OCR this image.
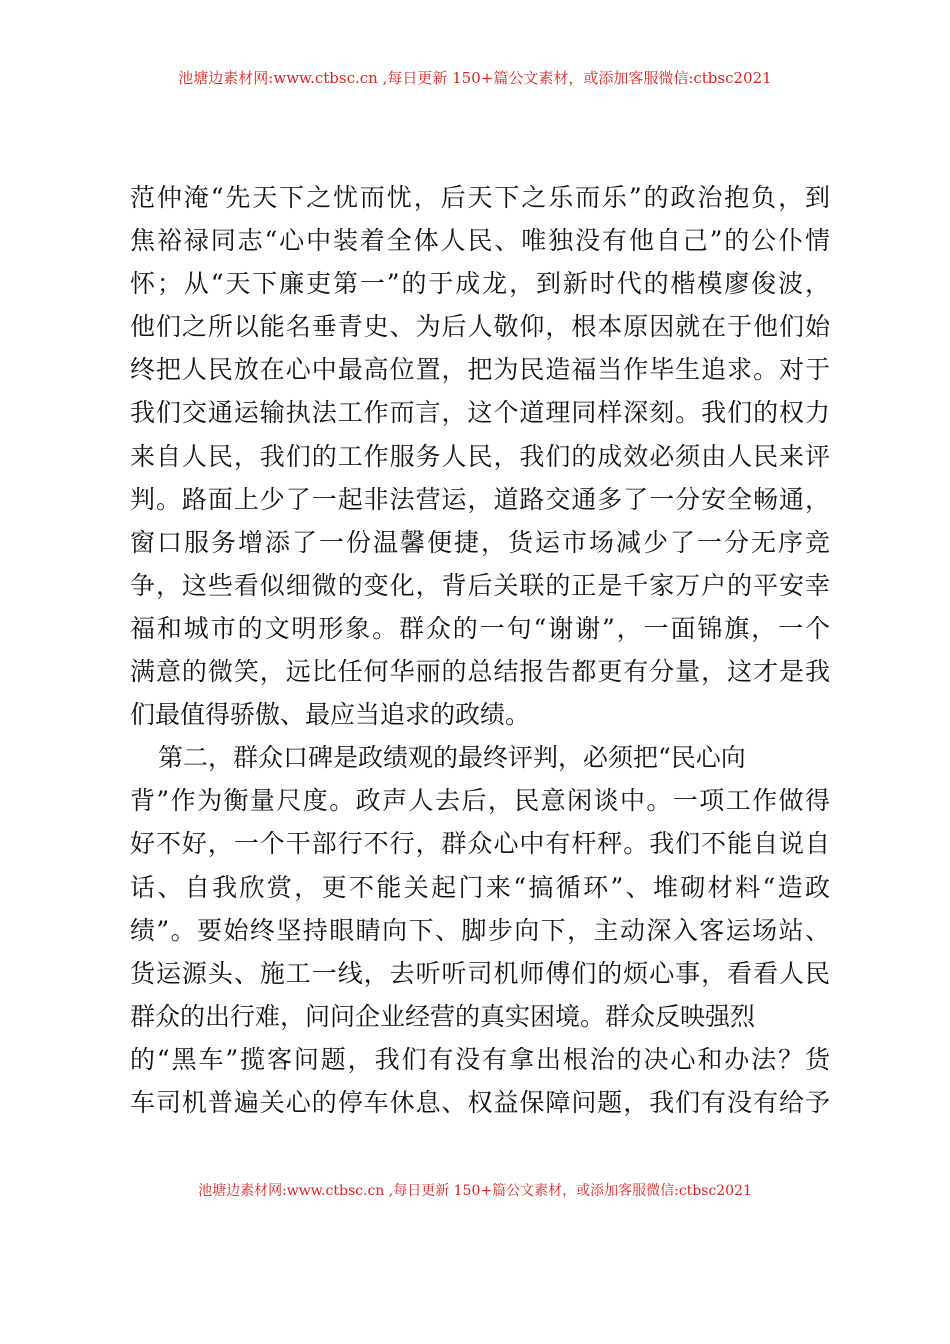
池塘边素材网:www.ctbsc.cn ,每日更新 150+篇公文素材，或添加客服微信:ctbsc2021
范仲淹“先天下之忧而忧，后天下之乐而乐”的政治抱负，到
焦裕禄同志“心中装着全体人民、唯独没有他自己”的公仆情
怀；从“天下廉吏第一”的于成龙，到新时代的楷模廖俊波，
他们之所以能名垂青史、为后人敬仰，根本原因就在于他们始
终把人民放在心中最高位置，把为民造福当作毕生追求。对于
我们交通运输执法工作而言，这个道理同样深刻。我们的权力
来自人民，我们的工作服务人民，我们的成效必须由人民来评
判。路面上少了一起非法营运，道路交通多了一分安全畅通，
窗口服务增添了一份温馨便捷，货运市场减少了一分无序竞
争，这些看似细微的变化，背后关联的正是千家万户的平安幸
福和城市的文明形象。群众的一句“谢谢”，一面锦旗，一个
满意的微笑，远比任何华丽的总结报告都更有分量，这才是我
们最值得骄傲、最应当追求的政绩。
第二，群众口碑是政绩观的最终评判，必须把“民心向
背”作为衡量尺度。政声人去后，民意闲谈中。一项工作做得
好不好，一个干部行不行，群众心中有杆秤。我们不能自说自
话、自我欣赏，更不能关起门来“搞循环”、堆砌材料“造政
绩”。要始终坚持眼睛向下、脚步向下，主动深入客运场站、
货运源头、施工一线，去听听司机师傅们的烦心事，看看人民
群众的出行难，问问企业经营的真实困境。群众反映强烈
的“黑车”揽客问题，我们有没有拿出根治的决心和办法？货
车司机普遍关心的停车休息、权益保障问题，我们有没有给予
池塘边素材网:www.ctbsc.cn ,每日更新 150+篇公文素材，或添加客服微信:ctbsc2021
